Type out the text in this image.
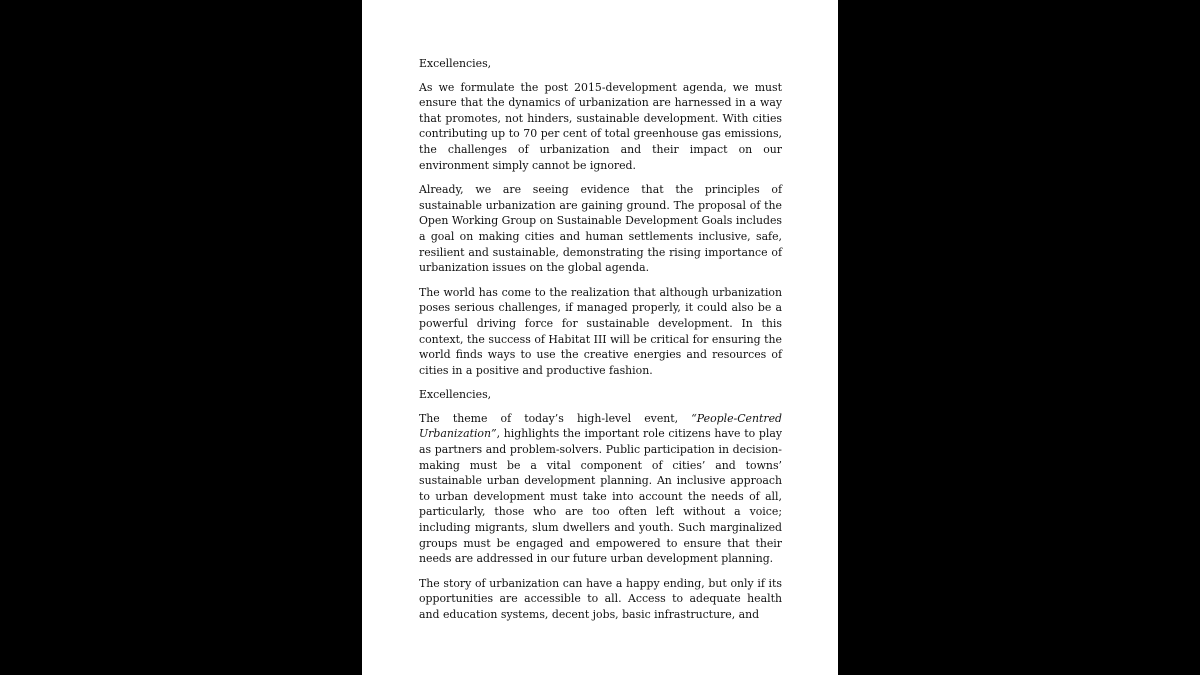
Excellencies,

As we formulate the post 2015-development agenda, we must ensure that the dynamics of urbanization are harnessed in a way that promotes, not hinders, sustainable development. With cities contributing up to 70 per cent of total greenhouse gas emissions, the challenges of urbanization and their impact on our environment simply cannot be ignored.

Already, we are seeing evidence that the principles of sustainable urbanization are gaining ground. The proposal of the Open Working Group on Sustainable Development Goals includes a goal on making cities and human settlements inclusive, safe, resilient and sustainable, demonstrating the rising importance of urbanization issues on the global agenda.

The world has come to the realization that although urbanization poses serious challenges, if managed properly, it could also be a powerful driving force for sustainable development. In this context, the success of Habitat III will be critical for ensuring the world finds ways to use the creative energies and resources of cities in a positive and productive fashion.

Excellencies,

The theme of today’s high-level event, “People-Centred Urbanization”, highlights the important role citizens have to play as partners and problem-solvers. Public participation in decision-making must be a vital component of cities’ and towns’ sustainable urban development planning. An inclusive approach to urban development must take into account the needs of all, particularly, those who are too often left without a voice; including migrants, slum dwellers and youth. Such marginalized groups must be engaged and empowered to ensure that their needs are addressed in our future urban development planning.

The story of urbanization can have a happy ending, but only if its opportunities are accessible to all. Access to adequate health and education systems, decent jobs, basic infrastructure, and
